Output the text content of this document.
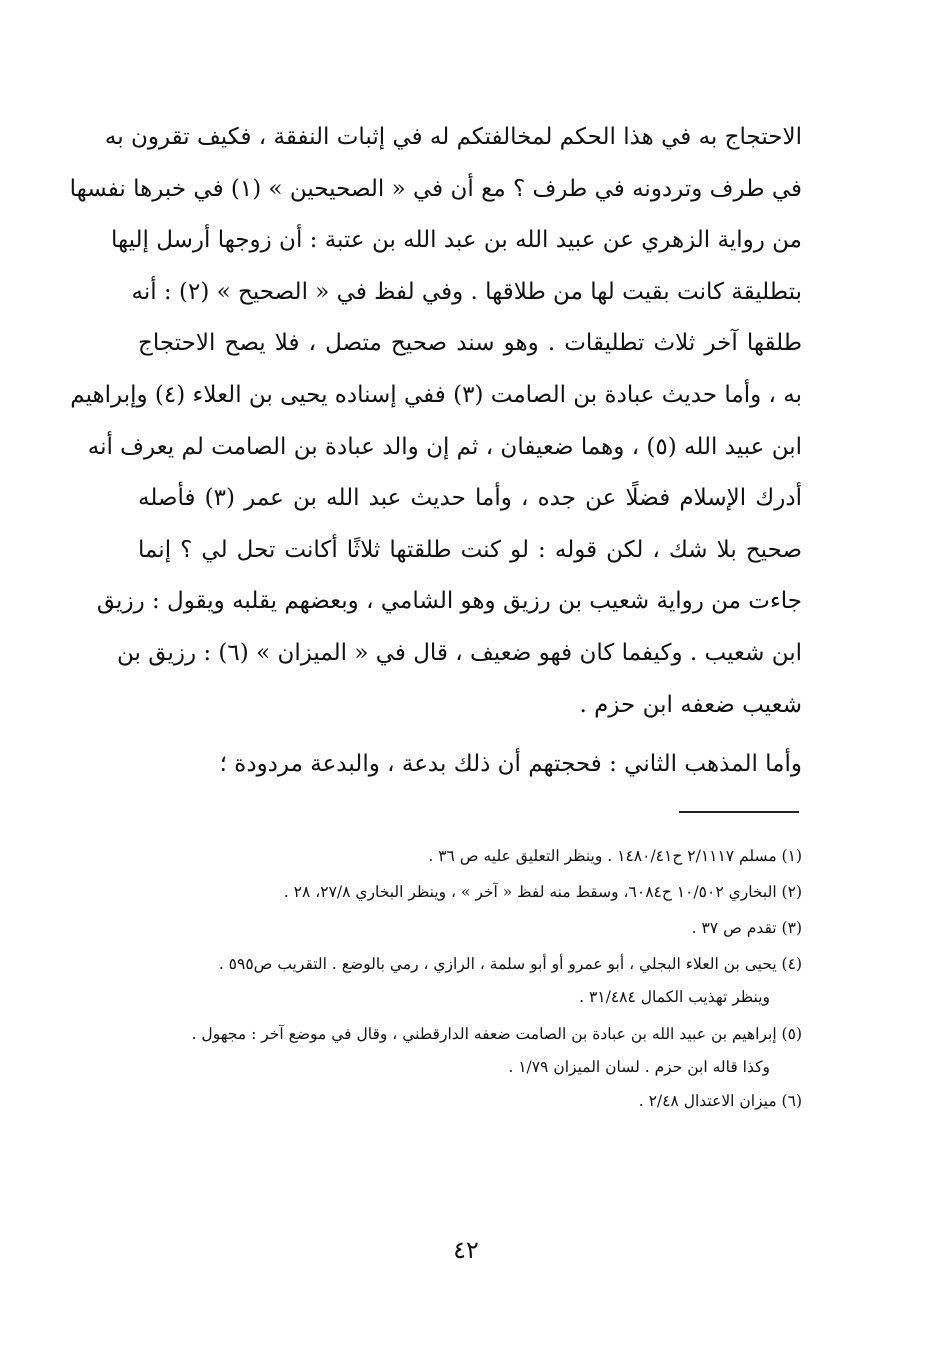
الاحتجاج به في هذا الحكم لمخالفتكم له في إثبات النفقة ، فكيف تقرون به
في طرف وتردونه في طرف ؟ مع أن في « الصحيحين » (١) في خبرها نفسها
من رواية الزهري عن عبيد الله بن عبد الله بن عتبة : أن زوجها أرسل إليها
بتطليقة كانت بقيت لها من طلاقها . وفي لفظ في « الصحيح » (٢) : أنه
طلقها آخر ثلاث تطليقات . وهو سند صحيح متصل ، فلا يصح الاحتجاج
به ، وأما حديث عبادة بن الصامت (٣) ففي إسناده يحيى بن العلاء (٤) وإبراهيم
ابن عبيد الله (٥) ، وهما ضعيفان ، ثم إن والد عبادة بن الصامت لم يعرف أنه
أدرك الإسلام فضلًا عن جده ، وأما حديث عبد الله بن عمر (٣) فأصله
صحيح بلا شك ، لكن قوله : لو كنت طلقتها ثلاثًا أكانت تحل لي ؟ إنما
جاءت من رواية شعيب بن رزيق وهو الشامي ، وبعضهم يقلبه ويقول : رزيق
ابن شعيب . وكيفما كان فهو ضعيف ، قال في « الميزان » (٦) : رزيق بن
شعيب ضعفه ابن حزم .
وأما المذهب الثاني : فحجتهم أن ذلك بدعة ، والبدعة مردودة ؛
(١) مسلم ٢/١١١٧ ح١٤٨٠/٤١ . وينظر التعليق عليه ص ٣٦ .
(٢) البخاري ١٠/٥٠٢ ح٦٠٨٤، وسقط منه لفظ « آخر » ، وينظر البخاري ٢٧/٨، ٢٨ .
(٣) تقدم ص ٣٧ .
(٤) يحيى بن العلاء البجلي ، أبو عمرو أو أبو سلمة ، الرازي ، رمي بالوضع . التقريب ص٥٩٥ .
وينظر تهذيب الكمال ٣١/٤٨٤ .
(٥) إبراهيم بن عبيد الله بن عبادة بن الصامت ضعفه الدارقطني ، وقال في موضع آخر : مجهول .
وكذا قاله ابن حزم . لسان الميزان ١/٧٩ .
(٦) ميزان الاعتدال ٢/٤٨ .
٤٢
